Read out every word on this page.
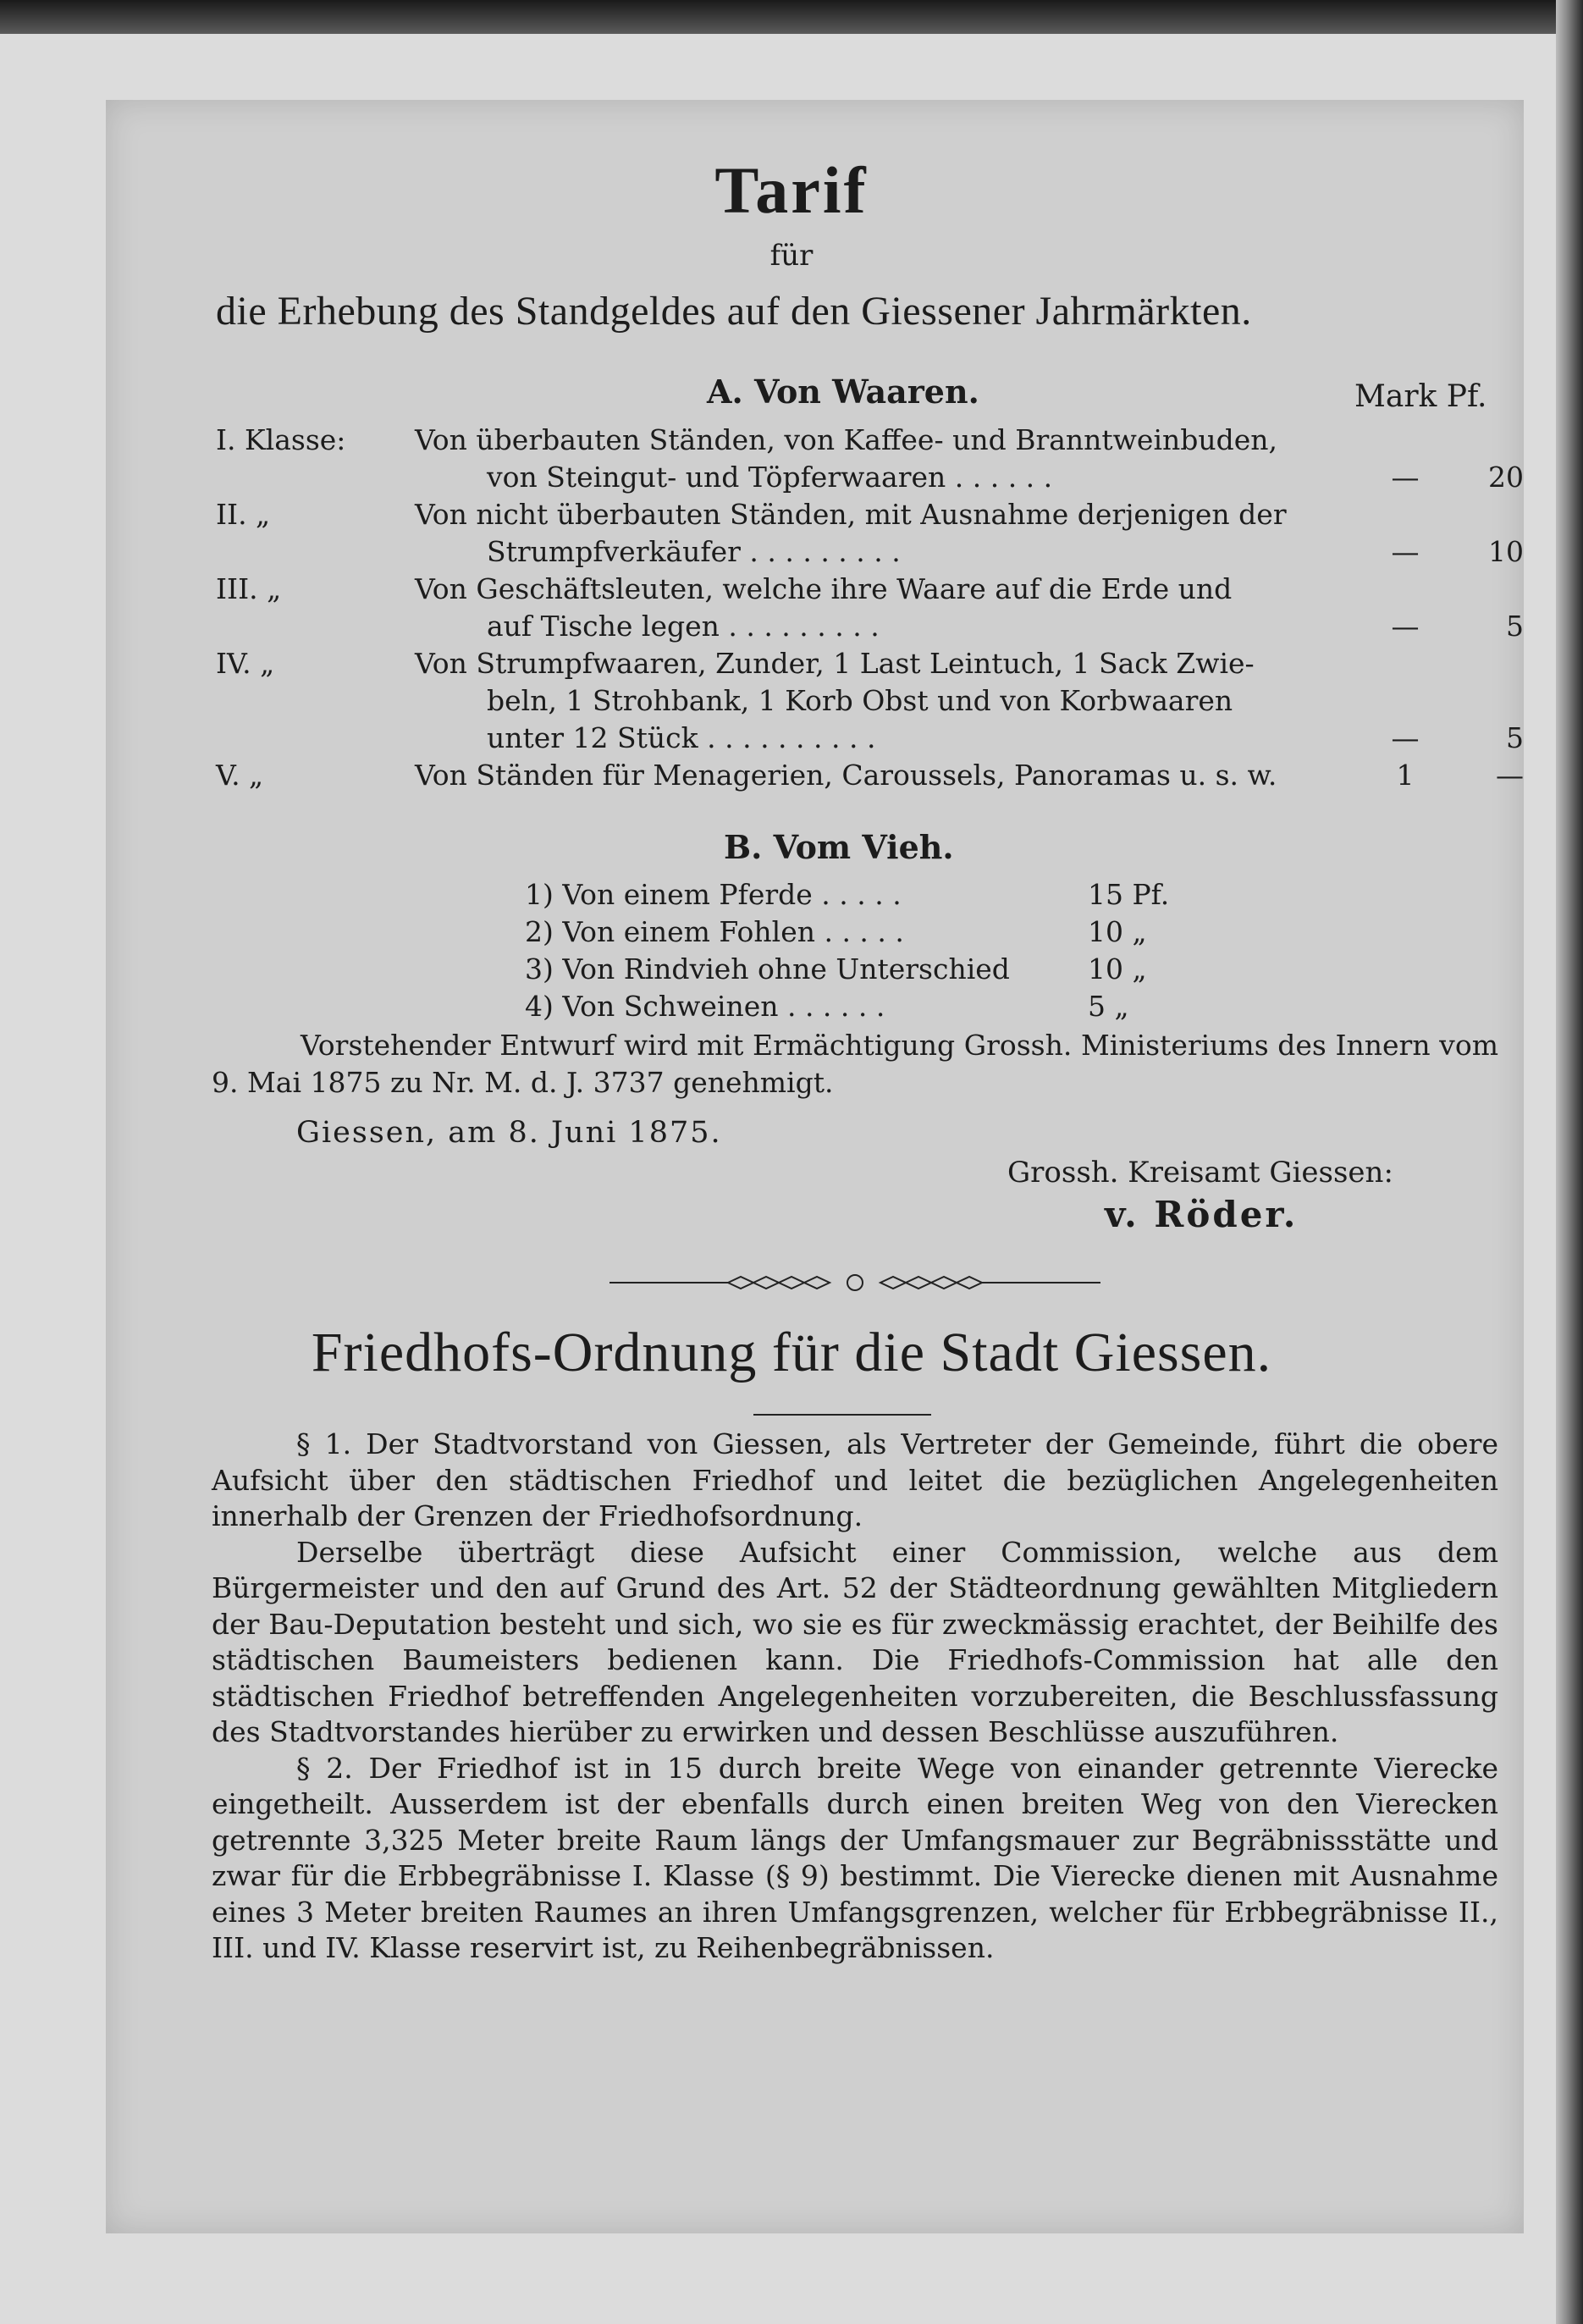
Tarif
für
die Erhebung des Standgeldes auf den Giessener Jahrmärkten.
A. Von Waaren.	Mark Pf.
I. Klasse:	Von überbauten Ständen, von Kaffee- und Branntweinbuden,
von Steingut- und Töpferwaaren . . . . . .	—	20
II. „	Von nicht überbauten Ständen, mit Ausnahme derjenigen der
Strumpfverkäufer . . . . . . . . .	—	10
III. „	Von Geschäftsleuten, welche ihre Waare auf die Erde und
auf Tische legen . . . . . . . . .	—	5
IV. „	Von Strumpfwaaren, Zunder, 1 Last Leintuch, 1 Sack Zwie-
beln, 1 Strohbank, 1 Korb Obst und von Korbwaaren
unter 12 Stück . . . . . . . . . .	—	5
V. „	Von Ständen für Menagerien, Caroussels, Panoramas u. s. w.	1	—
B. Vom Vieh.
1) Von einem Pferde . . . . .	15 Pf.
2) Von einem Fohlen . . . . .	10 „
3) Von Rindvieh ohne Unterschied	10 „
4) Von Schweinen . . . . . .	5 „
Vorstehender Entwurf wird mit Ermächtigung Grossh. Ministeriums des Innern vom 9. Mai 1875 zu Nr. M. d. J. 3737 genehmigt.
Giessen, am 8. Juni 1875.
Grossh. Kreisamt Giessen:
v. Röder.
Friedhofs-Ordnung für die Stadt Giessen.

§ 1. Der Stadtvorstand von Giessen, als Vertreter der Gemeinde, führt die obere Aufsicht über den städtischen Friedhof und leitet die bezüglichen Angelegenheiten innerhalb der Grenzen der Friedhofsordnung.

Derselbe überträgt diese Aufsicht einer Commission, welche aus dem Bürgermeister und den auf Grund des Art. 52 der Städteordnung gewählten Mitgliedern der Bau-Deputation besteht und sich, wo sie es für zweckmässig erachtet, der Beihilfe des städtischen Baumeisters bedienen kann. Die Friedhofs-Commission hat alle den städtischen Friedhof betreffenden Angelegenheiten vorzubereiten, die Beschlussfassung des Stadtvorstandes hierüber zu erwirken und dessen Beschlüsse auszuführen.

§ 2. Der Friedhof ist in 15 durch breite Wege von einander getrennte Vierecke eingetheilt. Ausserdem ist der ebenfalls durch einen breiten Weg von den Vierecken getrennte 3,325 Meter breite Raum längs der Umfangsmauer zur Begräbnissstätte und zwar für die Erbbegräbnisse I. Klasse (§ 9) bestimmt. Die Vierecke dienen mit Ausnahme eines 3 Meter breiten Raumes an ihren Umfangsgrenzen, welcher für Erbbegräbnisse II., III. und IV. Klasse reservirt ist, zu Reihenbegräbnissen.
